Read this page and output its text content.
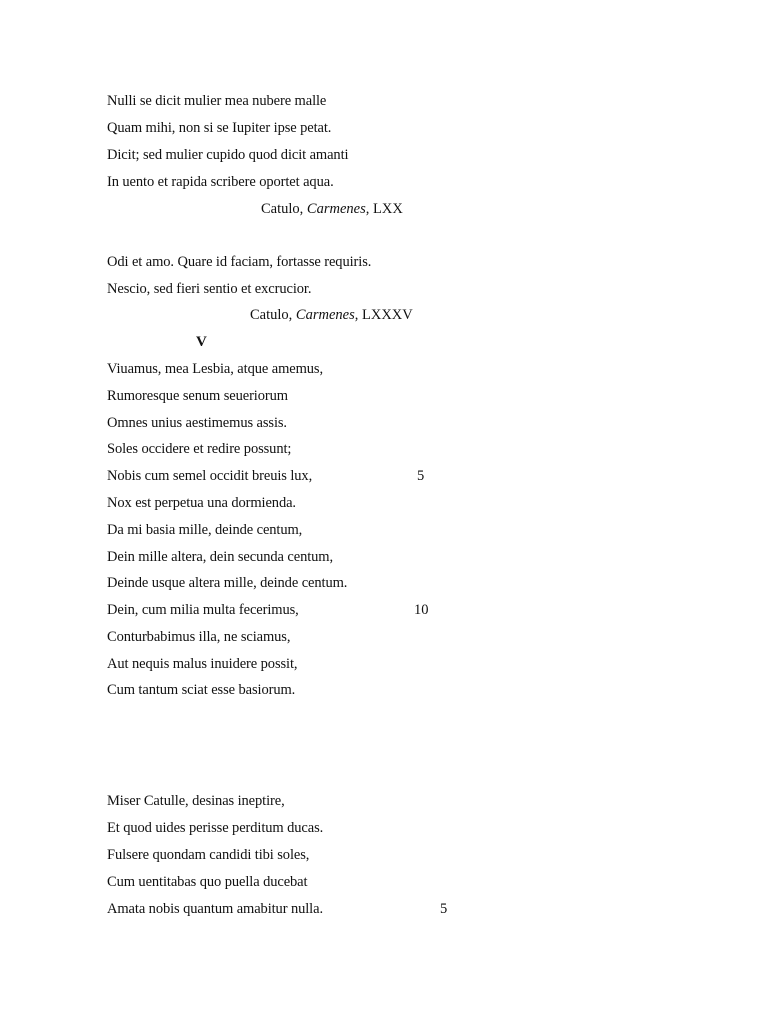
Nulli se dicit mulier mea nubere malle
Quam mihi, non si se Iupiter ipse petat.
Dicit; sed mulier cupido quod dicit amanti
In uento et rapida scribere oportet aqua.
Catulo, Carmenes, LXX
Odi et amo. Quare id faciam, fortasse requiris.
Nescio, sed fieri sentio et excrucior.
Catulo, Carmenes, LXXXV
V
Viuamus, mea Lesbia, atque amemus,
Rumoresque senum seueriorum
Omnes unius aestimemus assis.
Soles occidere et redire possunt;
Nobis cum semel occidit breuis lux,	5
Nox est perpetua una dormienda.
Da mi basia mille, deinde centum,
Dein mille altera, dein secunda centum,
Deinde usque altera mille, deinde centum.
Dein, cum milia multa fecerimus,	10
Conturbabimus illa, ne sciamus,
Aut nequis malus inuidere possit,
Cum tantum sciat esse basiorum.
Miser Catulle, desinas ineptire,
Et quod uides perisse perditum ducas.
Fulsere quondam candidi tibi soles,
Cum uentitabas quo puella ducebat
Amata nobis quantum amabitur nulla.	5
